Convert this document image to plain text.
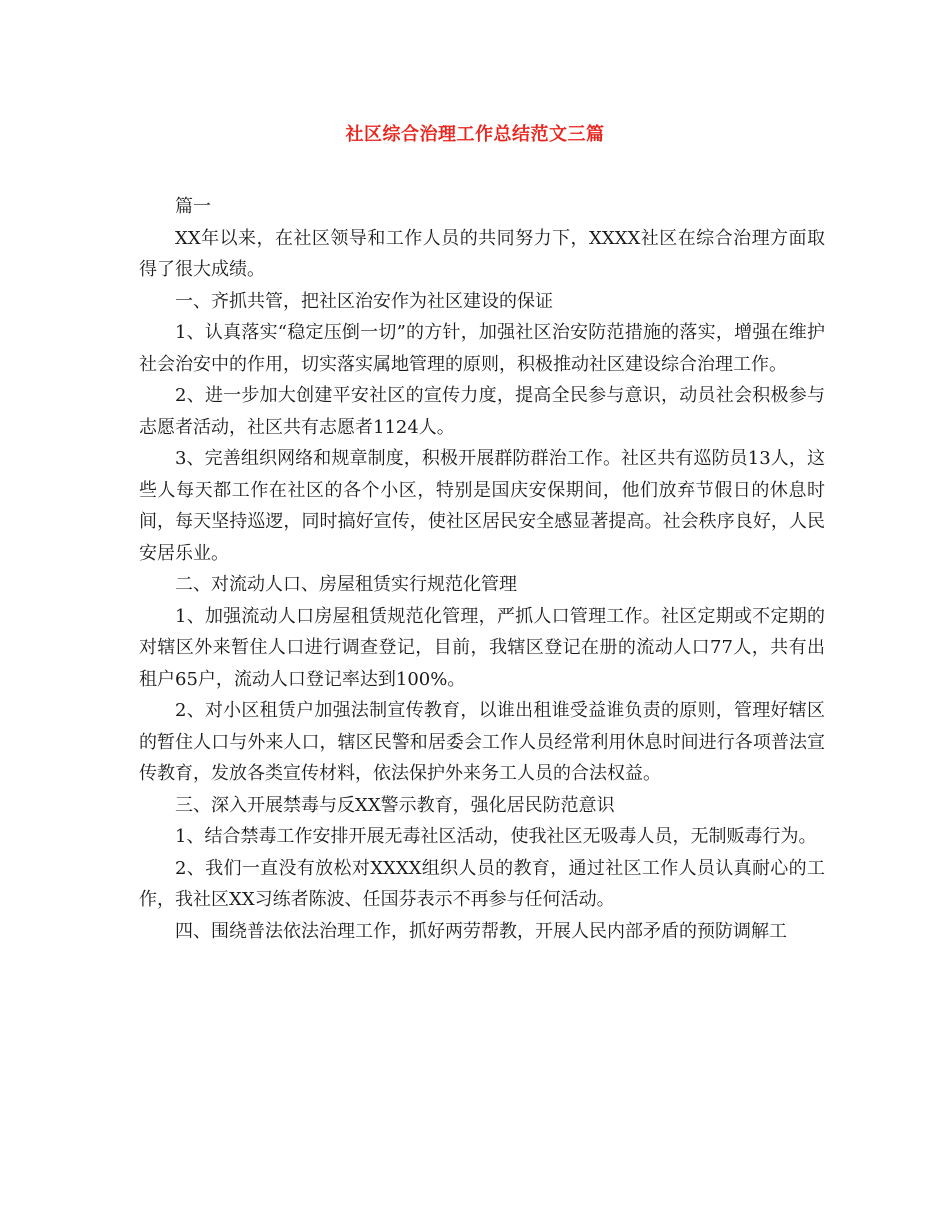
社区综合治理工作总结范文三篇

篇一

XX年以来，在社区领导和工作人员的共同努力下，XXXX社区在综合治理方面取得了很大成绩。

一、齐抓共管，把社区治安作为社区建设的保证

1、认真落实“稳定压倒一切”的方针，加强社区治安防范措施的落实，增强在维护社会治安中的作用，切实落实属地管理的原则，积极推动社区建设综合治理工作。

2、进一步加大创建平安社区的宣传力度，提高全民参与意识，动员社会积极参与志愿者活动，社区共有志愿者1124人。

3、完善组织网络和规章制度，积极开展群防群治工作。社区共有巡防员13人，这些人每天都工作在社区的各个小区，特别是国庆安保期间，他们放弃节假日的休息时间，每天坚持巡逻，同时搞好宣传，使社区居民安全感显著提高。社会秩序良好，人民安居乐业。

二、对流动人口、房屋租赁实行规范化管理

1、加强流动人口房屋租赁规范化管理，严抓人口管理工作。社区定期或不定期的对辖区外来暂住人口进行调查登记，目前，我辖区登记在册的流动人口77人，共有出租户65户，流动人口登记率达到100%。

2、对小区租赁户加强法制宣传教育，以谁出租谁受益谁负责的原则，管理好辖区的暂住人口与外来人口，辖区民警和居委会工作人员经常利用休息时间进行各项普法宣传教育，发放各类宣传材料，依法保护外来务工人员的合法权益。

三、深入开展禁毒与反XX警示教育，强化居民防范意识

1、结合禁毒工作安排开展无毒社区活动，使我社区无吸毒人员，无制贩毒行为。

2、我们一直没有放松对XXXX组织人员的教育，通过社区工作人员认真耐心的工作，我社区XX习练者陈波、任国芬表示不再参与任何活动。

四、围绕普法依法治理工作，抓好两劳帮教，开展人民内部矛盾的预防调解工
